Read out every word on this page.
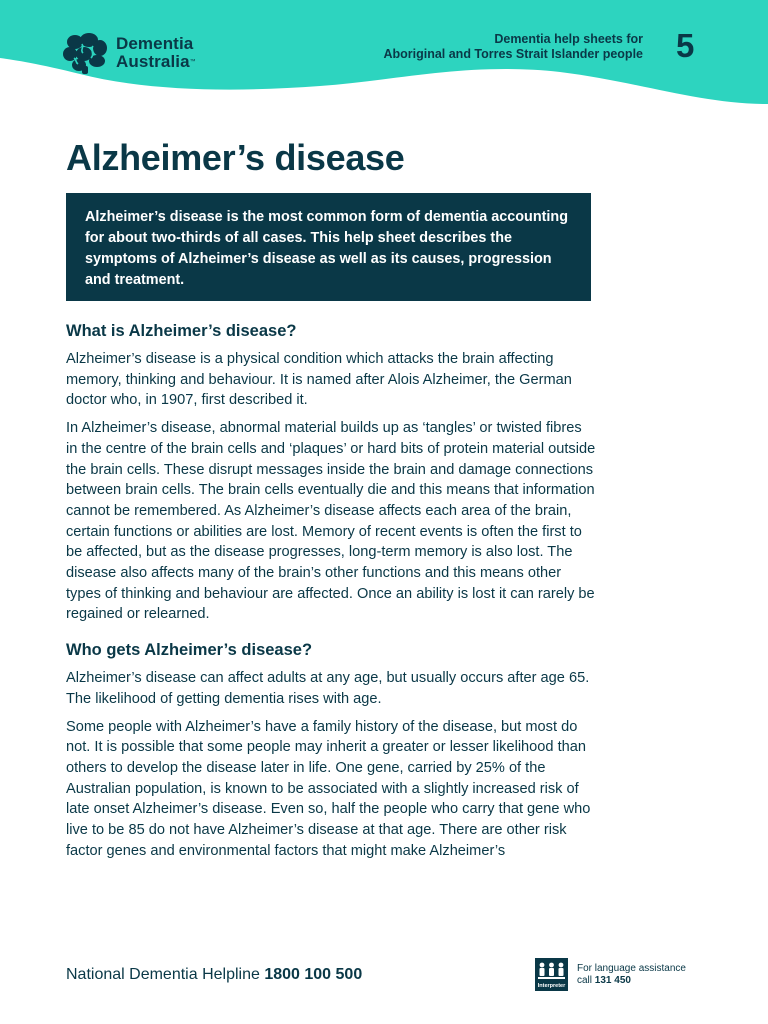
Dementia
Australia™
Dementia help sheets for
Aboriginal and Torres Strait Islander people 5
Alzheimer’s disease
Alzheimer’s disease is the most common form of dementia accounting for about two-thirds of all cases. This help sheet describes the symptoms of Alzheimer’s disease as well as its causes, progression and treatment.
What is Alzheimer’s disease?

Alzheimer’s disease is a physical condition which attacks the brain affecting memory, thinking and behaviour. It is named after Alois Alzheimer, the German doctor who, in 1907, first described it.

In Alzheimer’s disease, abnormal material builds up as ‘tangles’ or twisted fibres in the centre of the brain cells and ‘plaques’ or hard bits of protein material outside the brain cells. These disrupt messages inside the brain and damage connections between brain cells. The brain cells eventually die and this means that information cannot be remembered. As Alzheimer’s disease affects each area of the brain, certain functions or abilities are lost. Memory of recent events is often the first to be affected, but as the disease progresses, long-term memory is also lost. The disease also affects many of the brain’s other functions and this means other types of thinking and behaviour are affected. Once an ability is lost it can rarely be regained or relearned.

Who gets Alzheimer’s disease?

Alzheimer’s disease can affect adults at any age, but usually occurs after age 65. The likelihood of getting dementia rises with age.

Some people with Alzheimer’s have a family history of the disease, but most do not. It is possible that some people may inherit a greater or lesser likelihood than others to develop the disease later in life. One gene, carried by 25% of the Australian population, is known to be associated with a slightly increased risk of late onset Alzheimer’s disease. Even so, half the people who carry that gene who live to be 85 do not have Alzheimer’s disease at that age. There are other risk factor genes and environmental factors that might make Alzheimer’s

National Dementia Helpline 1800 100 500
Interpreter
For language assistance
call 131 450
